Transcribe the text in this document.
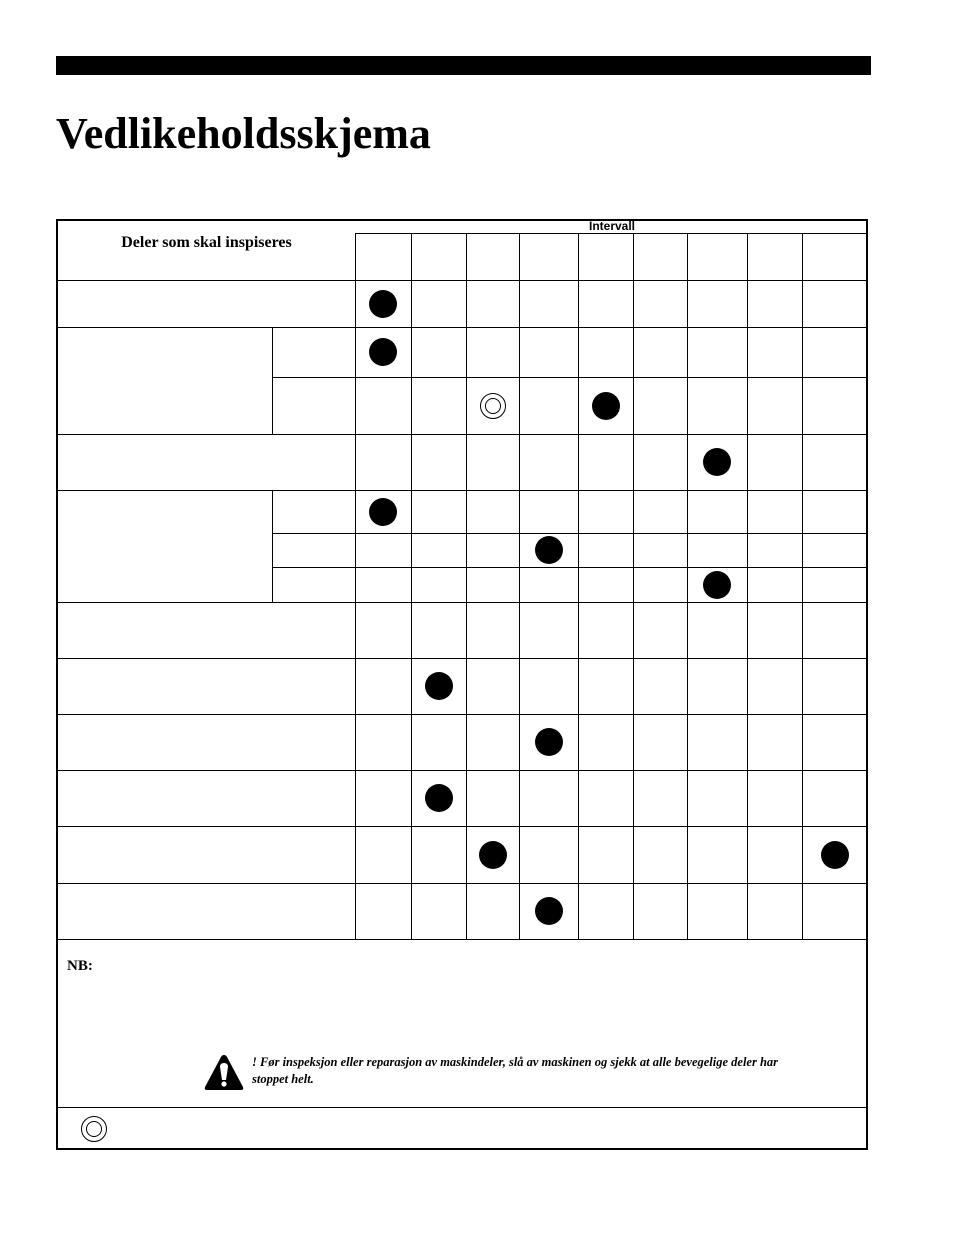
Vedlikeholdsskjema
Intervall
Deler som skal inspiseres
NB:
! Før inspeksjon eller reparasjon av maskindeler, slå av maskinen og sjekk at alle bevegelige deler har stoppet helt.
